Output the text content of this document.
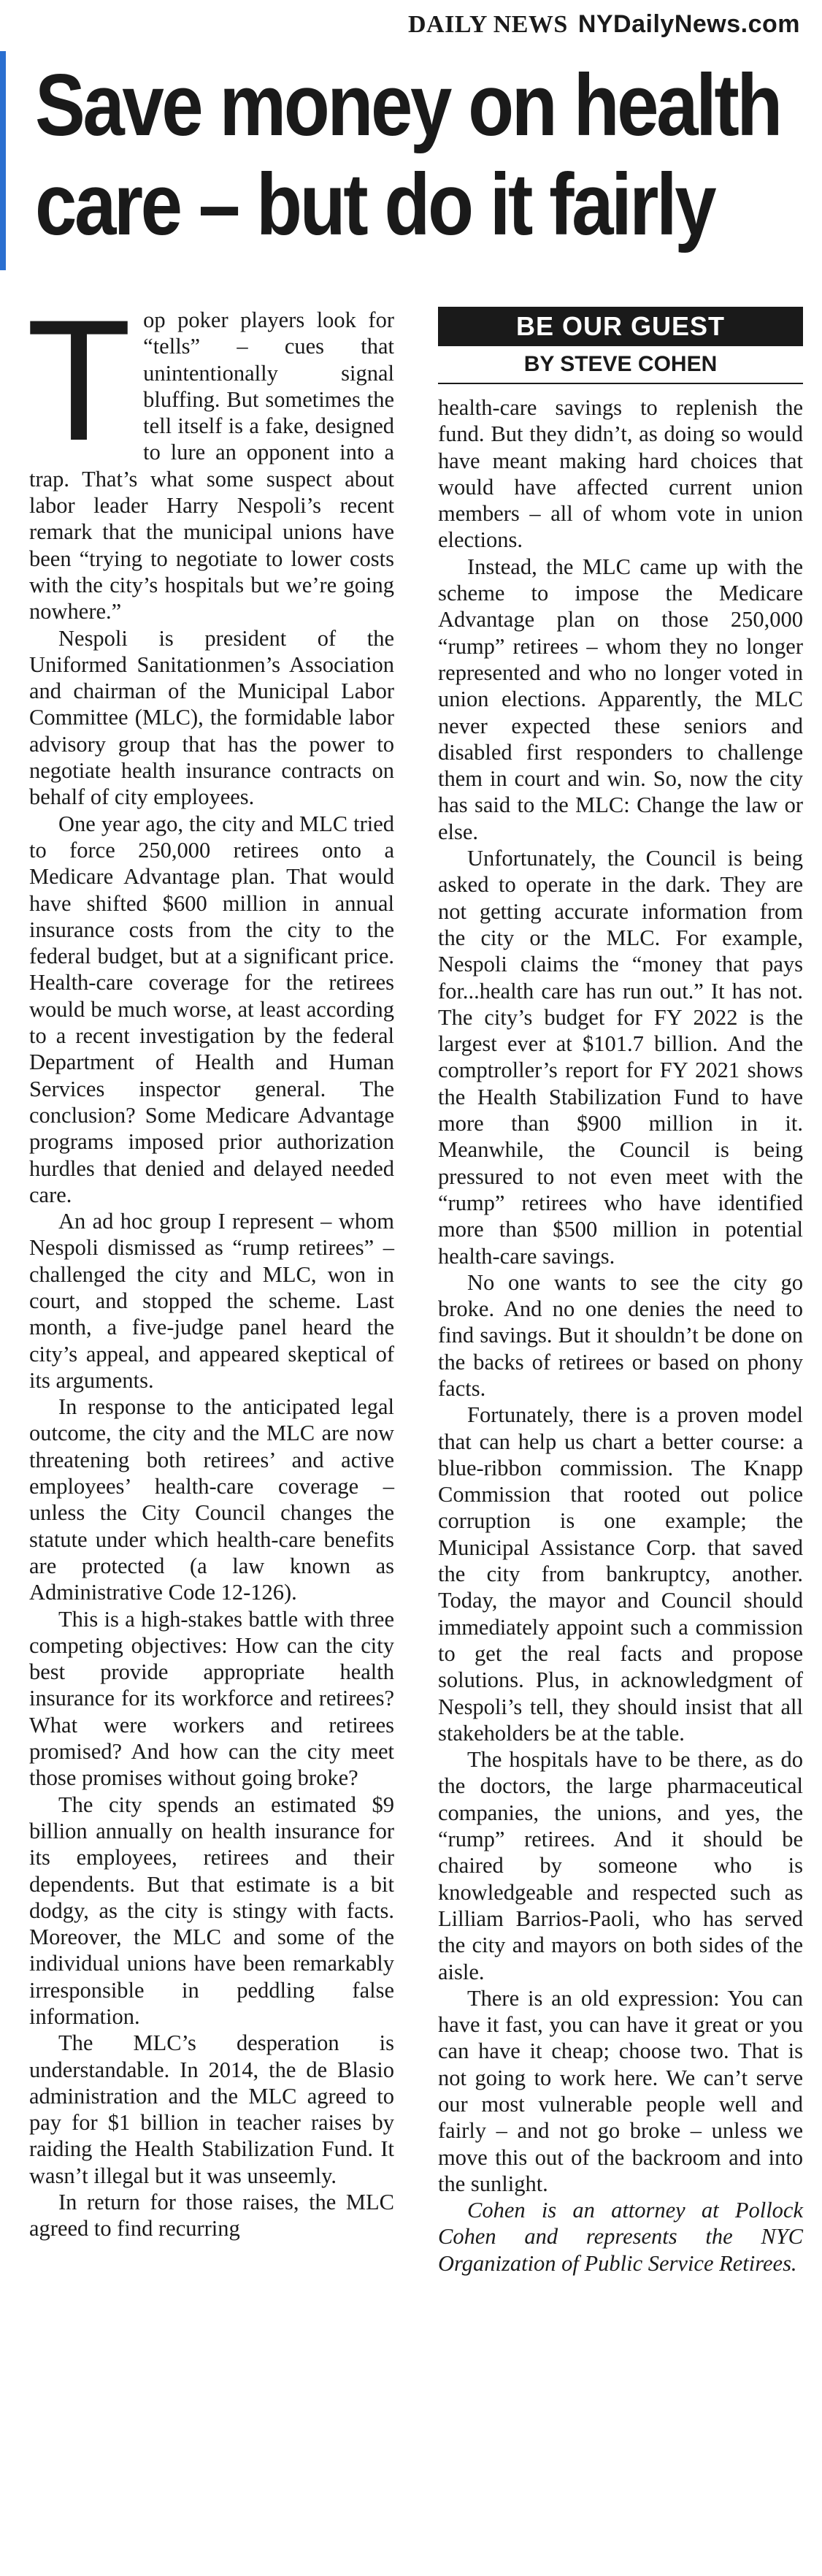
DAILY NEWS NYDailyNews.com
Save money on health
care – but do it fairly

Top poker players look for “tells” – cues that unintentionally signal bluffing. But sometimes the tell itself is a fake, designed to lure an opponent into a trap. That’s what some suspect about labor leader Harry Nespoli’s recent remark that the municipal unions have been “trying to negotiate to lower costs with the city’s hospitals but we’re going nowhere.”

Nespoli is president of the Uniformed Sanitationmen’s Association and chairman of the Municipal Labor Committee (MLC), the formidable labor advisory group that has the power to negotiate health insurance contracts on behalf of city employees.

One year ago, the city and MLC tried to force 250,000 retirees onto a Medicare Advantage plan. That would have shifted $600 million in annual insurance costs from the city to the federal budget, but at a significant price. Health-care coverage for the retirees would be much worse, at least according to a recent investigation by the federal Department of Health and Human Services inspector general. The conclusion? Some Medicare Advantage programs imposed prior authorization hurdles that denied and delayed needed care.

An ad hoc group I represent – whom Nespoli dismissed as “rump retirees” – challenged the city and MLC, won in court, and stopped the scheme. Last month, a five-judge panel heard the city’s appeal, and appeared skeptical of its arguments.

In response to the anticipated legal outcome, the city and the MLC are now threatening both retirees’ and active employees’ health-care coverage – unless the City Council changes the statute under which health-care benefits are protected (a law known as Administrative Code 12-126).

This is a high-stakes battle with three competing objectives: How can the city best provide appropriate health insurance for its workforce and retirees? What were workers and retirees promised? And how can the city meet those promises without going broke?

The city spends an estimated $9 billion annually on health insurance for its employees, retirees and their dependents. But that estimate is a bit dodgy, as the city is stingy with facts. Moreover, the MLC and some of the individual unions have been remarkably irresponsible in peddling false information.

The MLC’s desperation is understandable. In 2014, the de Blasio administration and the MLC agreed to pay for $1 billion in teacher raises by raiding the Health Stabilization Fund. It wasn’t illegal but it was unseemly.

In return for those raises, the MLC agreed to find recurring

BE OUR GUEST
BY STEVE COHEN

health-care savings to replenish the fund. But they didn’t, as doing so would have meant making hard choices that would have affected current union members – all of whom vote in union elections.

Instead, the MLC came up with the scheme to impose the Medicare Advantage plan on those 250,000 “rump” retirees – whom they no longer represented and who no longer voted in union elections. Apparently, the MLC never expected these seniors and disabled first responders to challenge them in court and win. So, now the city has said to the MLC: Change the law or else.

Unfortunately, the Council is being asked to operate in the dark. They are not getting accurate information from the city or the MLC. For example, Nespoli claims the “money that pays for...health care has run out.” It has not. The city’s budget for FY 2022 is the largest ever at $101.7 billion. And the comptroller’s report for FY 2021 shows the Health Stabilization Fund to have more than $900 million in it. Meanwhile, the Council is being pressured to not even meet with the “rump” retirees who have identified more than $500 million in potential health-care savings.

No one wants to see the city go broke. And no one denies the need to find savings. But it shouldn’t be done on the backs of retirees or based on phony facts.

Fortunately, there is a proven model that can help us chart a better course: a blue-ribbon commission. The Knapp Commission that rooted out police corruption is one example; the Municipal Assistance Corp. that saved the city from bankruptcy, another. Today, the mayor and Council should immediately appoint such a commission to get the real facts and propose solutions. Plus, in acknowledgment of Nespoli’s tell, they should insist that all stakeholders be at the table.

The hospitals have to be there, as do the doctors, the large pharmaceutical companies, the unions, and yes, the “rump” retirees. And it should be chaired by someone who is knowledgeable and respected such as Lilliam Barrios-Paoli, who has served the city and mayors on both sides of the aisle.

There is an old expression: You can have it fast, you can have it great or you can have it cheap; choose two. That is not going to work here. We can’t serve our most vulnerable people well and fairly – and not go broke – unless we move this out of the backroom and into the sunlight.

Cohen is an attorney at Pollock Cohen and represents the NYC Organization of Public Service Retirees.
